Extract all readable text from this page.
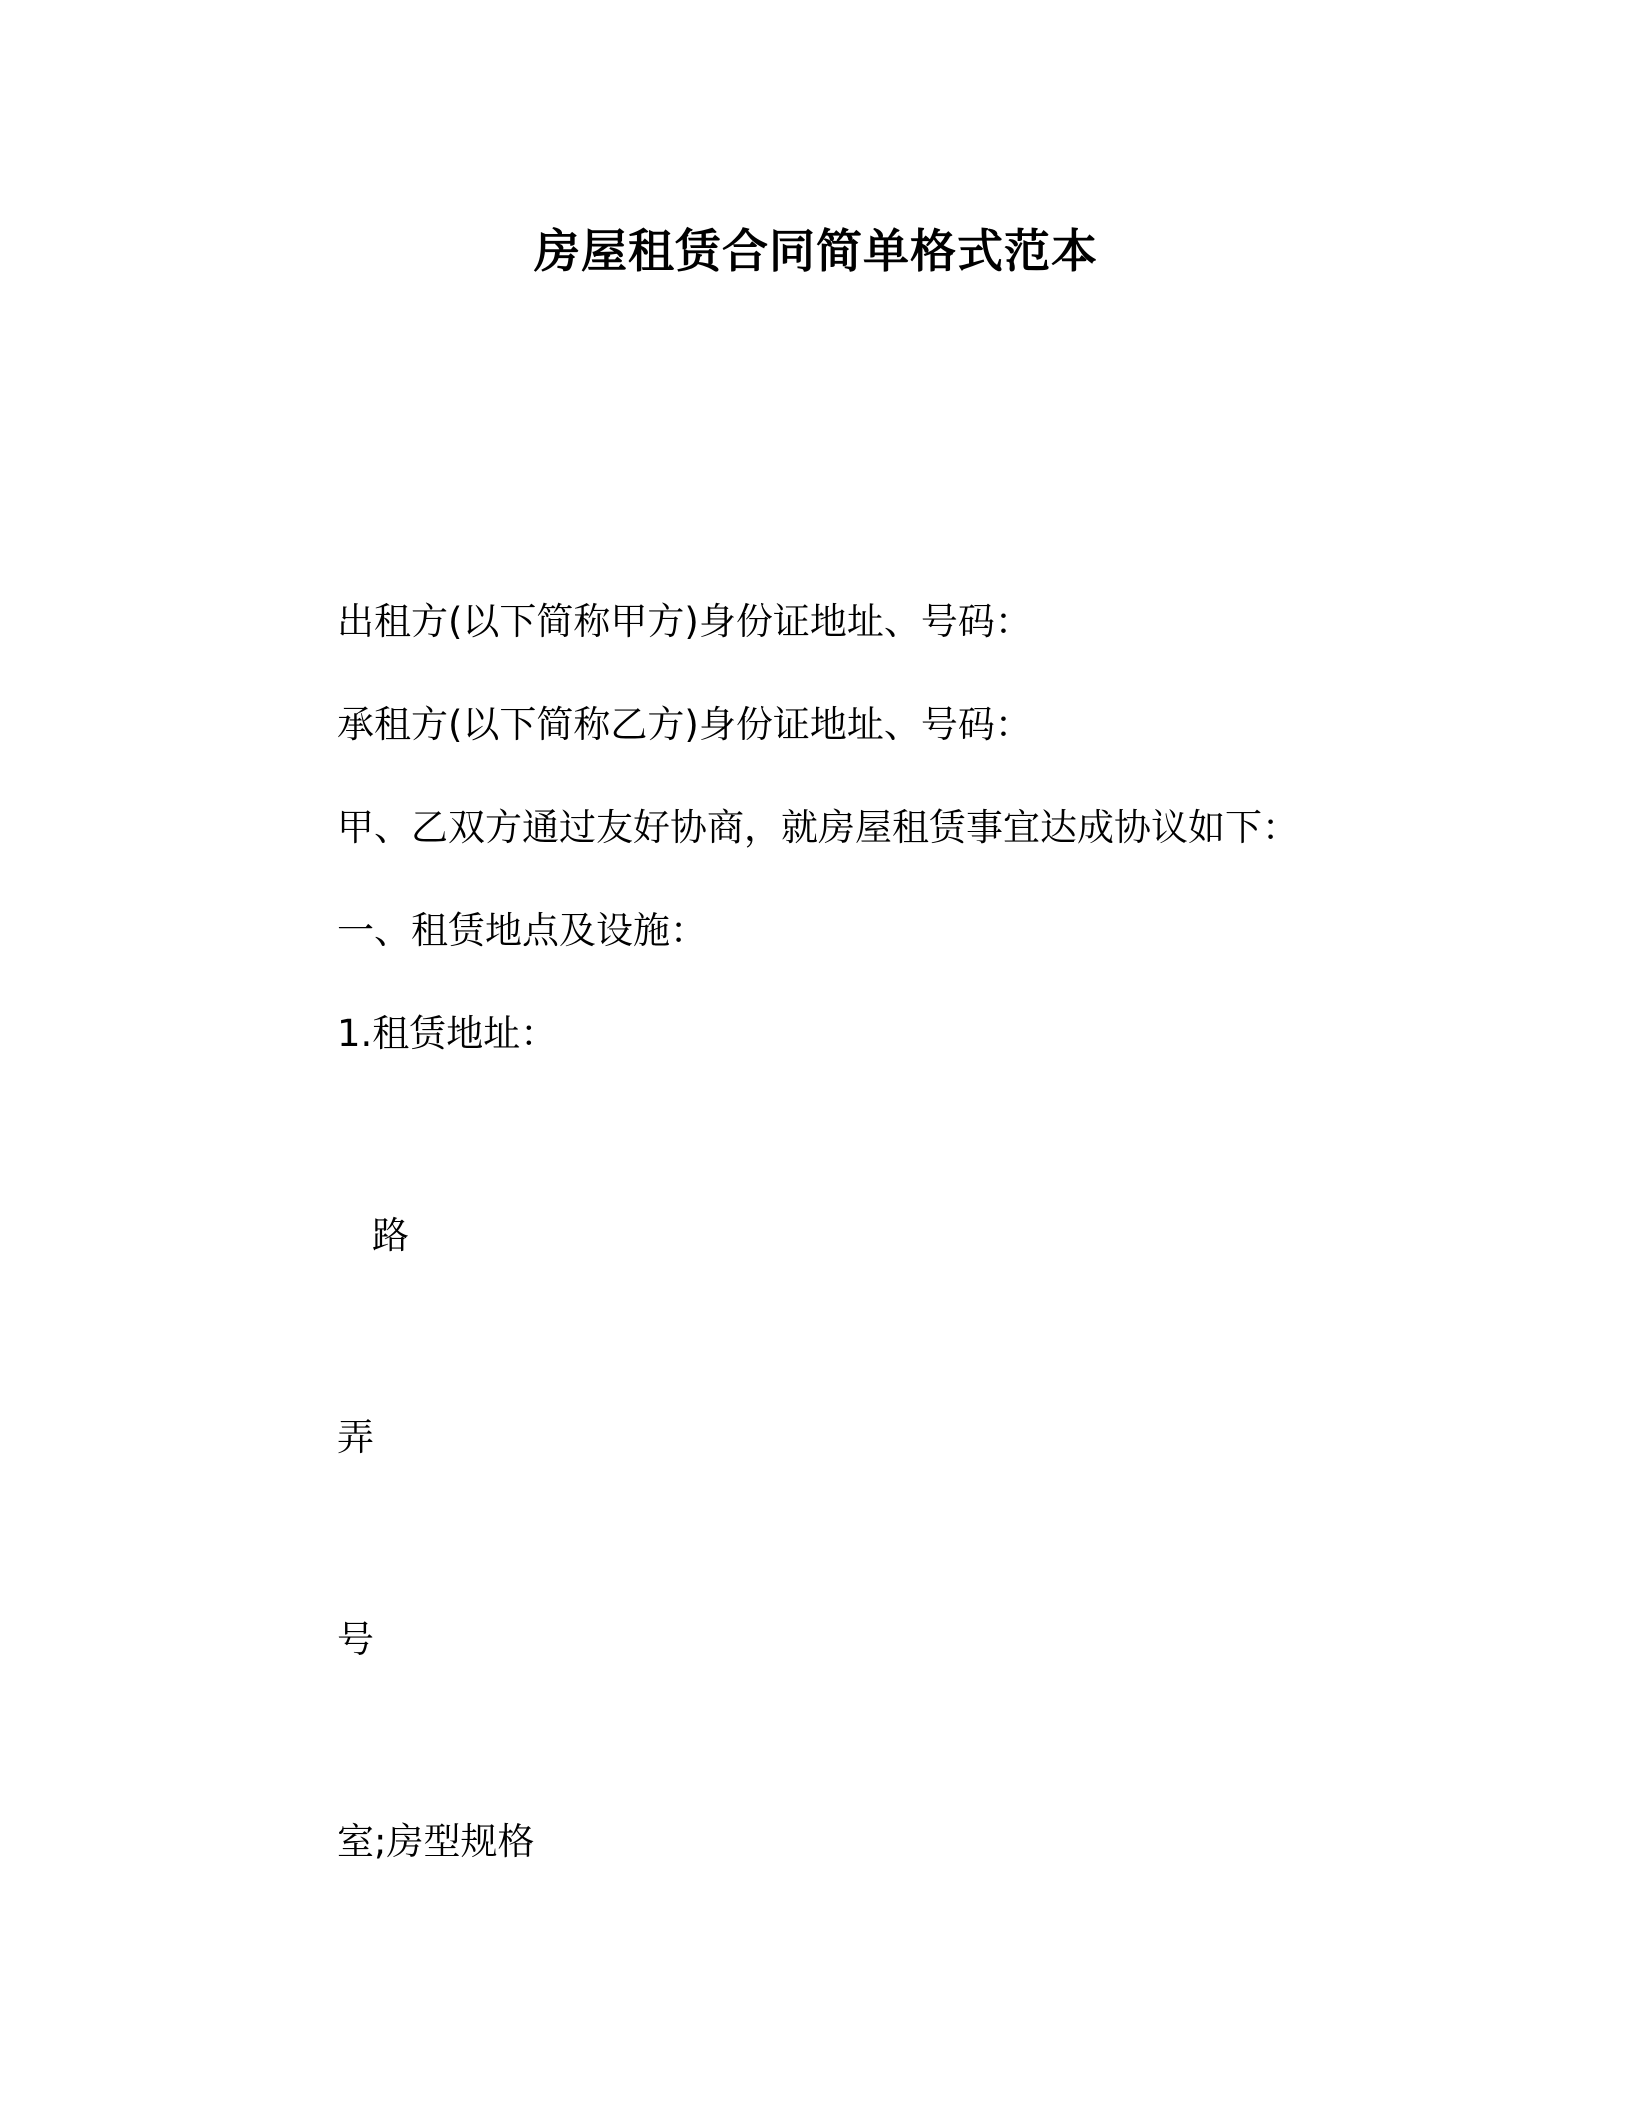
房屋租赁合同简单格式范本

出租方(以下简称甲方)身份证地址、号码：

承租方(以下简称乙方)身份证地址、号码：

甲、乙双方通过友好协商，就房屋租赁事宜达成协议如下：

一、租赁地点及设施：

1.租赁地址：

路

弄

号

室;房型规格
